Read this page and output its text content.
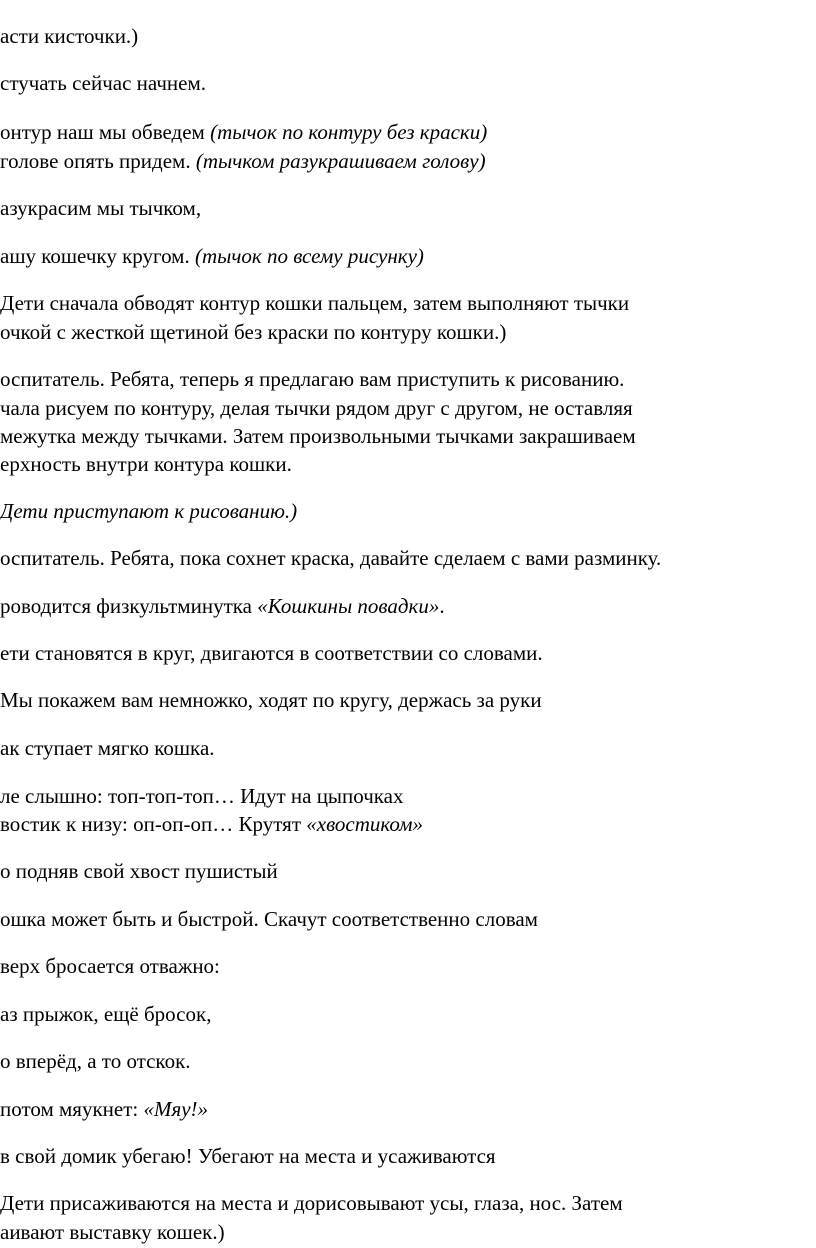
асти кисточки.)
стучать сейчас начнем.
онтур наш мы обведем (тычок по контуру без краски)
голове опять придем. (тычком разукрашиваем голову)
азукрасим мы тычком,
ашу кошечку кругом. (тычок по всему рисунку)
Дети сначала обводят контур кошки пальцем, затем выполняют тычки
очкой с жесткой щетиной без краски по контуру кошки.)
оспитатель. Ребята, теперь я предлагаю вам приступить к рисованию.
чала рисуем по контуру, делая тычки рядом друг с другом, не оставляя
межутка между тычками. Затем произвольными тычками закрашиваем
ерхность внутри контура кошки.
Дети приступают к рисованию.)
оспитатель. Ребята, пока сохнет краска, давайте сделаем с вами разминку.
роводится физкультминутка «Кошкины повадки».
ети становятся в круг, двигаются в соответствии со словами.
Мы покажем вам немножко, ходят по кругу, держась за руки
ак ступает мягко кошка.
ле слышно: топ-топ-топ… Идут на цыпочках
востик к низу: оп-оп-оп… Крутят «хвостиком»
о подняв свой хвост пушистый
ошка может быть и быстрой. Скачут соответственно словам
верх бросается отважно:
аз прыжок, ещё бросок,
о вперёд, а то отскок.
потом мяукнет: «Мяу!»
в свой домик убегаю! Убегают на места и усаживаются
Дети присаживаются на места и дорисовывают усы, глаза, нос. Затем
аивают выставку кошек.)
